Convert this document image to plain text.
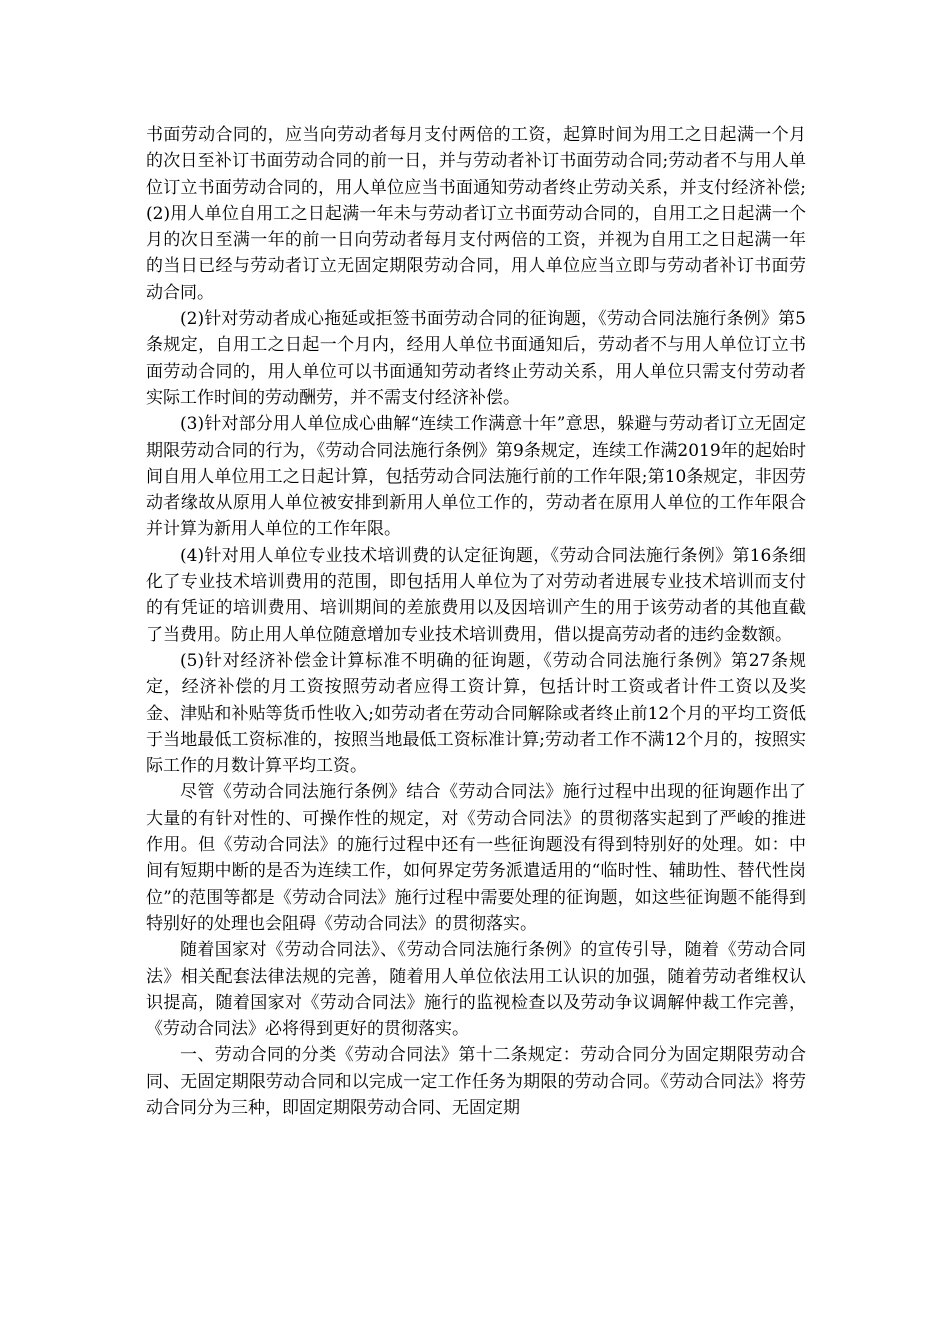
书面劳动合同的，应当向劳动者每月支付两倍的工资，起算时间为用工之日起满一个月的次日至补订书面劳动合同的前一日，并与劳动者补订书面劳动合同;劳动者不与用人单位订立书面劳动合同的，用人单位应当书面通知劳动者终止劳动关系，并支付经济补偿;(2)用人单位自用工之日起满一年未与劳动者订立书面劳动合同的，自用工之日起满一个月的次日至满一年的前一日向劳动者每月支付两倍的工资，并视为自用工之日起满一年的当日已经与劳动者订立无固定期限劳动合同，用人单位应当立即与劳动者补订书面劳动合同。

(2)针对劳动者成心拖延或拒签书面劳动合同的征询题，《劳动合同法施行条例》第5条规定，自用工之日起一个月内，经用人单位书面通知后，劳动者不与用人单位订立书面劳动合同的，用人单位可以书面通知劳动者终止劳动关系，用人单位只需支付劳动者实际工作时间的劳动酬劳，并不需支付经济补偿。

(3)针对部分用人单位成心曲解“连续工作满意十年”意思，躲避与劳动者订立无固定期限劳动合同的行为，《劳动合同法施行条例》第9条规定，连续工作满2019年的起始时间自用人单位用工之日起计算，包括劳动合同法施行前的工作年限;第10条规定，非因劳动者缘故从原用人单位被安排到新用人单位工作的，劳动者在原用人单位的工作年限合并计算为新用人单位的工作年限。

(4)针对用人单位专业技术培训费的认定征询题，《劳动合同法施行条例》第16条细化了专业技术培训费用的范围，即包括用人单位为了对劳动者进展专业技术培训而支付的有凭证的培训费用、培训期间的差旅费用以及因培训产生的用于该劳动者的其他直截了当费用。防止用人单位随意增加专业技术培训费用，借以提高劳动者的违约金数额。

(5)针对经济补偿金计算标准不明确的征询题，《劳动合同法施行条例》第27条规定，经济补偿的月工资按照劳动者应得工资计算，包括计时工资或者计件工资以及奖金、津贴和补贴等货币性收入;如劳动者在劳动合同解除或者终止前12个月的平均工资低于当地最低工资标准的，按照当地最低工资标准计算;劳动者工作不满12个月的，按照实际工作的月数计算平均工资。

尽管《劳动合同法施行条例》结合《劳动合同法》施行过程中出现的征询题作出了大量的有针对性的、可操作性的规定，对《劳动合同法》的贯彻落实起到了严峻的推进作用。但《劳动合同法》的施行过程中还有一些征询题没有得到特别好的处理。如：中间有短期中断的是否为连续工作，如何界定劳务派遣适用的“临时性、辅助性、替代性岗位”的范围等都是《劳动合同法》施行过程中需要处理的征询题，如这些征询题不能得到特别好的处理也会阻碍《劳动合同法》的贯彻落实。

随着国家对《劳动合同法》、《劳动合同法施行条例》的宣传引导，随着《劳动合同法》相关配套法律法规的完善，随着用人单位依法用工认识的加强，随着劳动者维权认识提高，随着国家对《劳动合同法》施行的监视检查以及劳动争议调解仲裁工作完善，《劳动合同法》必将得到更好的贯彻落实。

一、劳动合同的分类《劳动合同法》第十二条规定：劳动合同分为固定期限劳动合同、无固定期限劳动合同和以完成一定工作任务为期限的劳动合同。《劳动合同法》将劳动合同分为三种，即固定期限劳动合同、无固定期
